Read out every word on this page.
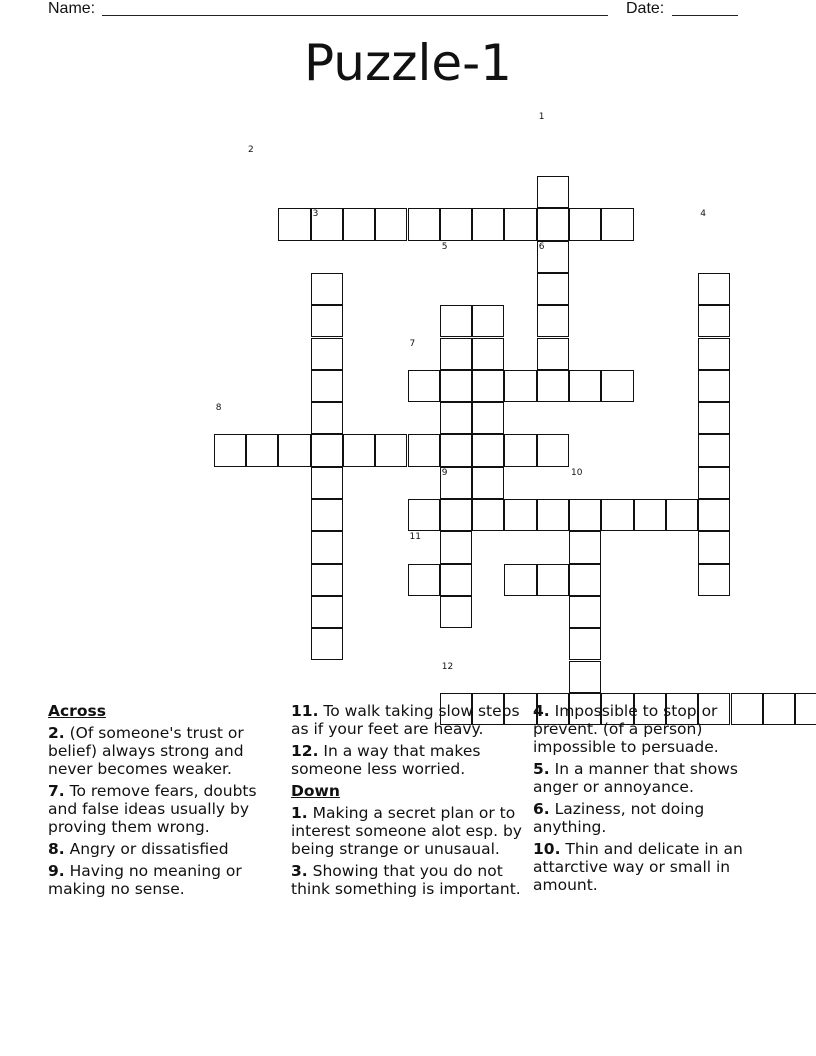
Name:	Date:
Puzzle-1
1
2
3	4
5	6
7
8
9	10
11
12
Across
2. (Of someone's trust or belief) always strong and never becomes weaker.
7. To remove fears, doubts and false ideas usually by proving them wrong.
8. Angry or dissatisfied
9. Having no meaning or making no sense.
11. To walk taking slow steps as if your feet are heavy.
12. In a way that makes someone less worried.
Down
1. Making a secret plan or to interest someone alot esp. by being strange or unusaual.
3. Showing that you do not think something is important.
4. Impossible to stop or prevent. (of a person) impossible to persuade.
5. In a manner that shows anger or annoyance.
6. Laziness, not doing anything.
10. Thin and delicate in an attarctive way or small in amount.
